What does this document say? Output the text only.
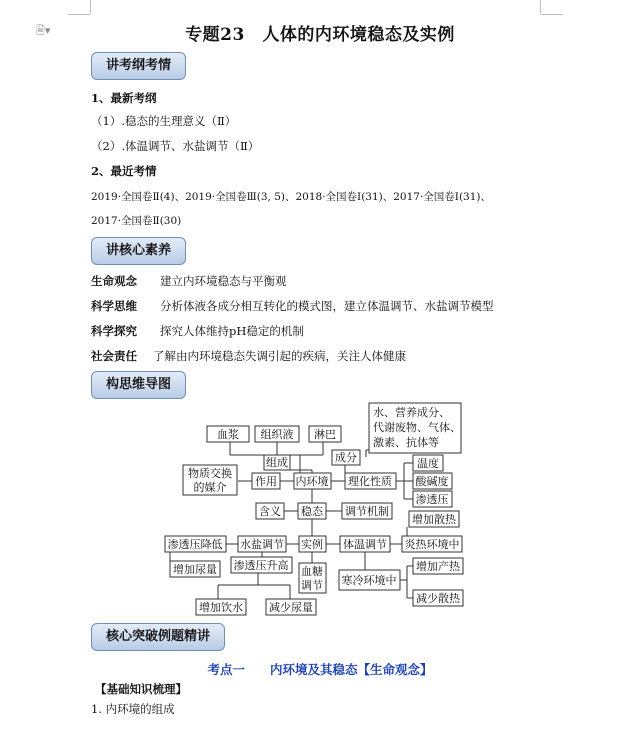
🗎▾	专题23　人体的内环境稳态及实例
讲考纲考情
1、最新考纲
（1）.稳态的生理意义（Ⅱ）
（2）.体温调节、水盐调节（Ⅱ）
2、最近考情
2019·全国卷Ⅱ(4)、2019·全国卷Ⅲ(3, 5)、2018·全国卷Ⅰ(31)、2017·全国卷Ⅰ(31)、
2017·全国卷Ⅱ(30)
讲核心素养
生命观念 建立内环境稳态与平衡观
科学思维 分析体液各成分相互转化的模式图，建立体温调节、水盐调节模型
科学探究 探究人体维持pH稳定的机制
社会责任 了解由内环境稳态失调引起的疾病，关注人体健康
构思维导图
血浆 组织液 淋巴
水、营养成分、
代谢废物、气体、
激素、抗体等
组成	成分
物质交换
的媒介	作用 内环境 理化性质
温度
酸碱度
渗透压
含义 稳态 调节机制
增加散热
渗透压降低 水盐调节 实例 体温调节 炎热环境中
增加尿量 渗透压升高 血糖
调节 寒冷环境中
增加产热
增加饮水 减少尿量
减少散热
核心突破例题精讲
考点一　　内环境及其稳态【生命观念】
【基础知识梳理】
1. 内环境的组成
